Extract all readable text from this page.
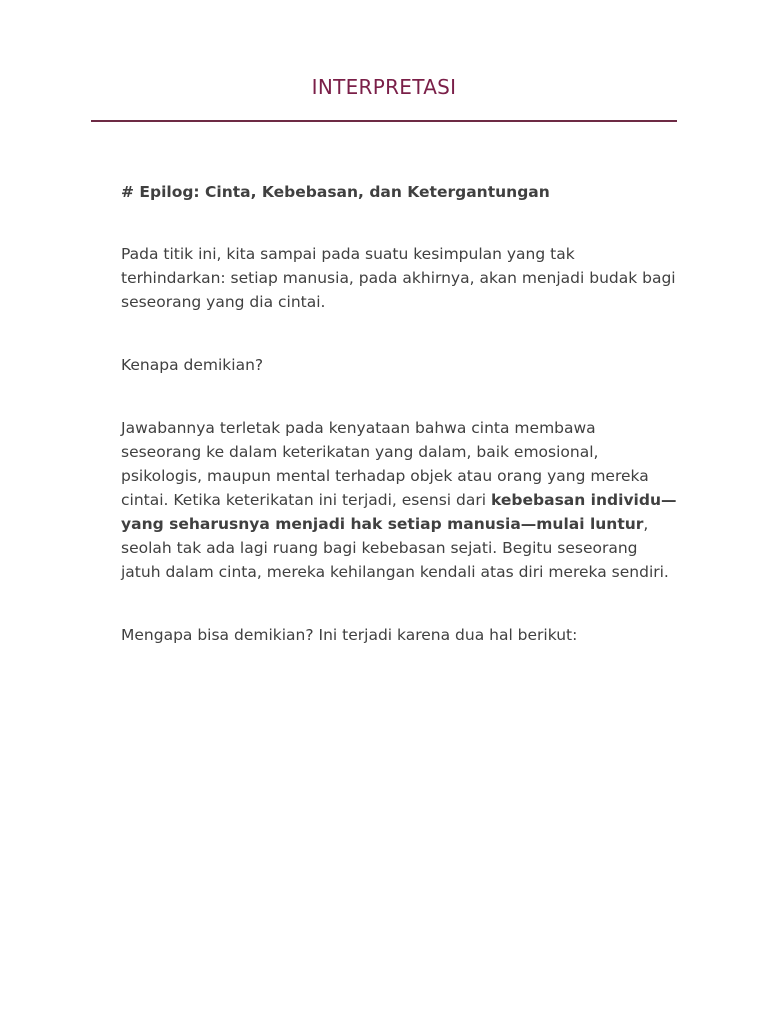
INTERPRETASI

# Epilog: Cinta, Kebebasan, dan Ketergantungan

Pada titik ini, kita sampai pada suatu kesimpulan yang tak terhindarkan: setiap manusia, pada akhirnya, akan menjadi budak bagi seseorang yang dia cintai.

Kenapa demikian?

Jawabannya terletak pada kenyataan bahwa cinta membawa seseorang ke dalam keterikatan yang dalam, baik emosional, psikologis, maupun mental terhadap objek atau orang yang mereka cintai. Ketika keterikatan ini terjadi, esensi dari kebebasan individu—yang seharusnya menjadi hak setiap manusia—mulai luntur, seolah tak ada lagi ruang bagi kebebasan sejati. Begitu seseorang jatuh dalam cinta, mereka kehilangan kendali atas diri mereka sendiri.

Mengapa bisa demikian? Ini terjadi karena dua hal berikut:
